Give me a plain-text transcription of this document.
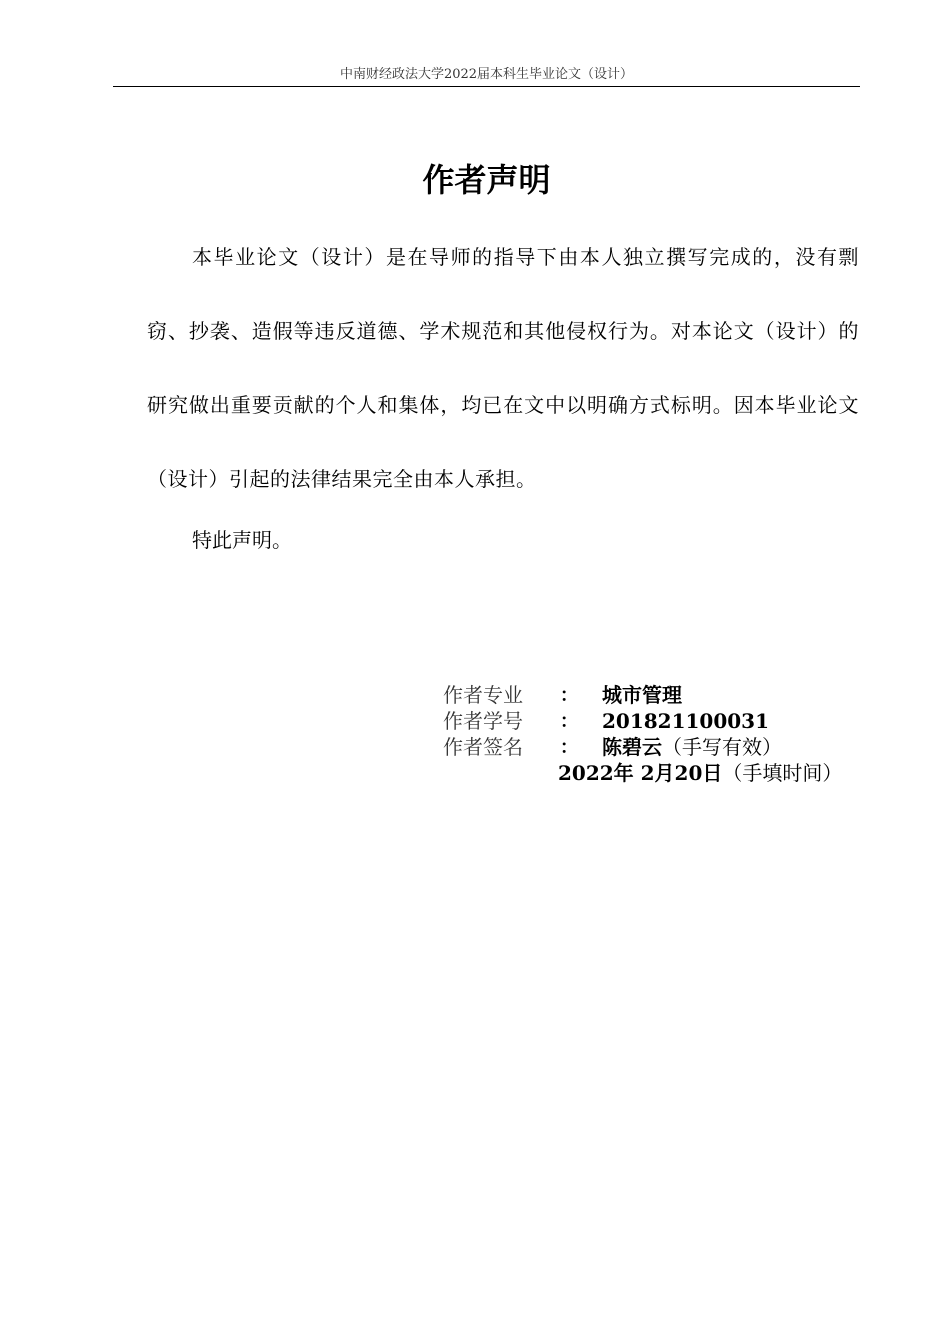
中南财经政法大学2022届本科生毕业论文（设计）
作者声明

本毕业论文（设计）是在导师的指导下由本人独立撰写完成的，没有剽窃、抄袭、造假等违反道德、学术规范和其他侵权行为。对本论文（设计）的研究做出重要贡献的个人和集体，均已在文中以明确方式标明。因本毕业论文（设计）引起的法律结果完全由本人承担。

特此声明。
作者专业 ： 城市管理
作者学号 ： 201821100031
作者签名 ： 陈碧云（手写有效）
2022年 2月20日（手填时间）
